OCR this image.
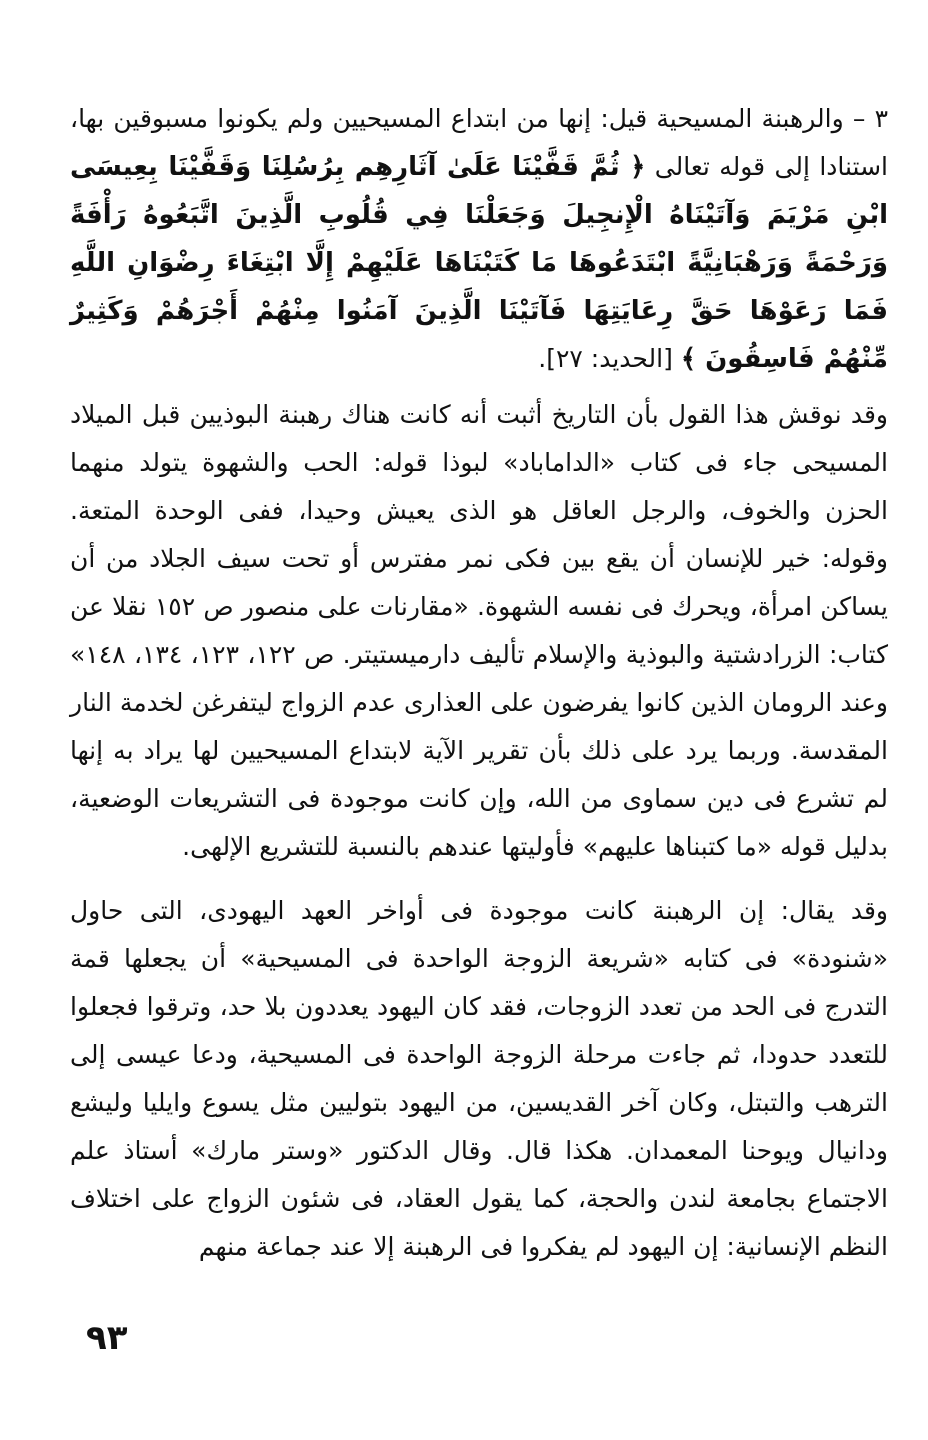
٣ – والرهبنة المسيحية قيل: إنها من ابتداع المسيحيين ولم يكونوا مسبوقين بها، استنادا إلى قوله تعالى ﴿ ثُمَّ قَفَّيْنَا عَلَىٰ آثَارِهِم بِرُسُلِنَا وَقَفَّيْنَا بِعِيسَى ابْنِ مَرْيَمَ وَآتَيْنَاهُ الْإِنجِيلَ وَجَعَلْنَا فِي قُلُوبِ الَّذِينَ اتَّبَعُوهُ رَأْفَةً وَرَحْمَةً وَرَهْبَانِيَّةً ابْتَدَعُوهَا مَا كَتَبْنَاهَا عَلَيْهِمْ إِلَّا ابْتِغَاءَ رِضْوَانِ اللَّهِ فَمَا رَعَوْهَا حَقَّ رِعَايَتِهَا فَآتَيْنَا الَّذِينَ آمَنُوا مِنْهُمْ أَجْرَهُمْ وَكَثِيرٌ مِّنْهُمْ فَاسِقُونَ ﴾ [الحديد: ٢٧].

وقد نوقش هذا القول بأن التاريخ أثبت أنه كانت هناك رهبنة البوذيين قبل الميلاد المسيحى جاء فى كتاب «الداماباد» لبوذا قوله: الحب والشهوة يتولد منهما الحزن والخوف، والرجل العاقل هو الذى يعيش وحيدا، ففى الوحدة المتعة. وقوله: خير للإنسان أن يقع بين فكى نمر مفترس أو تحت سيف الجلاد من أن يساكن امرأة، ويحرك فى نفسه الشهوة. «مقارنات على منصور ص ١٥٢ نقلا عن كتاب: الزرادشتية والبوذية والإسلام تأليف دارميستيتر. ص ١٢٢، ١٢٣، ١٣٤، ١٤٨» وعند الرومان الذين كانوا يفرضون على العذارى عدم الزواج ليتفرغن لخدمة النار المقدسة. وربما يرد على ذلك بأن تقرير الآية لابتداع المسيحيين لها يراد به إنها لم تشرع فى دين سماوى من الله، وإن كانت موجودة فى التشريعات الوضعية، بدليل قوله «ما كتبناها عليهم» فأوليتها عندهم بالنسبة للتشريع الإلهى.

وقد يقال: إن الرهبنة كانت موجودة فى أواخر العهد اليهودى، التى حاول «شنودة» فى كتابه «شريعة الزوجة الواحدة فى المسيحية» أن يجعلها قمة التدرج فى الحد من تعدد الزوجات، فقد كان اليهود يعددون بلا حد، وترقوا فجعلوا للتعدد حدودا، ثم جاءت مرحلة الزوجة الواحدة فى المسيحية، ودعا عيسى إلى الترهب والتبتل، وكان آخر القديسين، من اليهود بتوليين مثل يسوع وايليا وليشع ودانيال ويوحنا المعمدان. هكذا قال. وقال الدكتور «وستر مارك» أستاذ علم الاجتماع بجامعة لندن والحجة، كما يقول العقاد، فى شئون الزواج على اختلاف النظم الإنسانية: إن اليهود لم يفكروا فى الرهبنة إلا عند جماعة منهم

٩٣
